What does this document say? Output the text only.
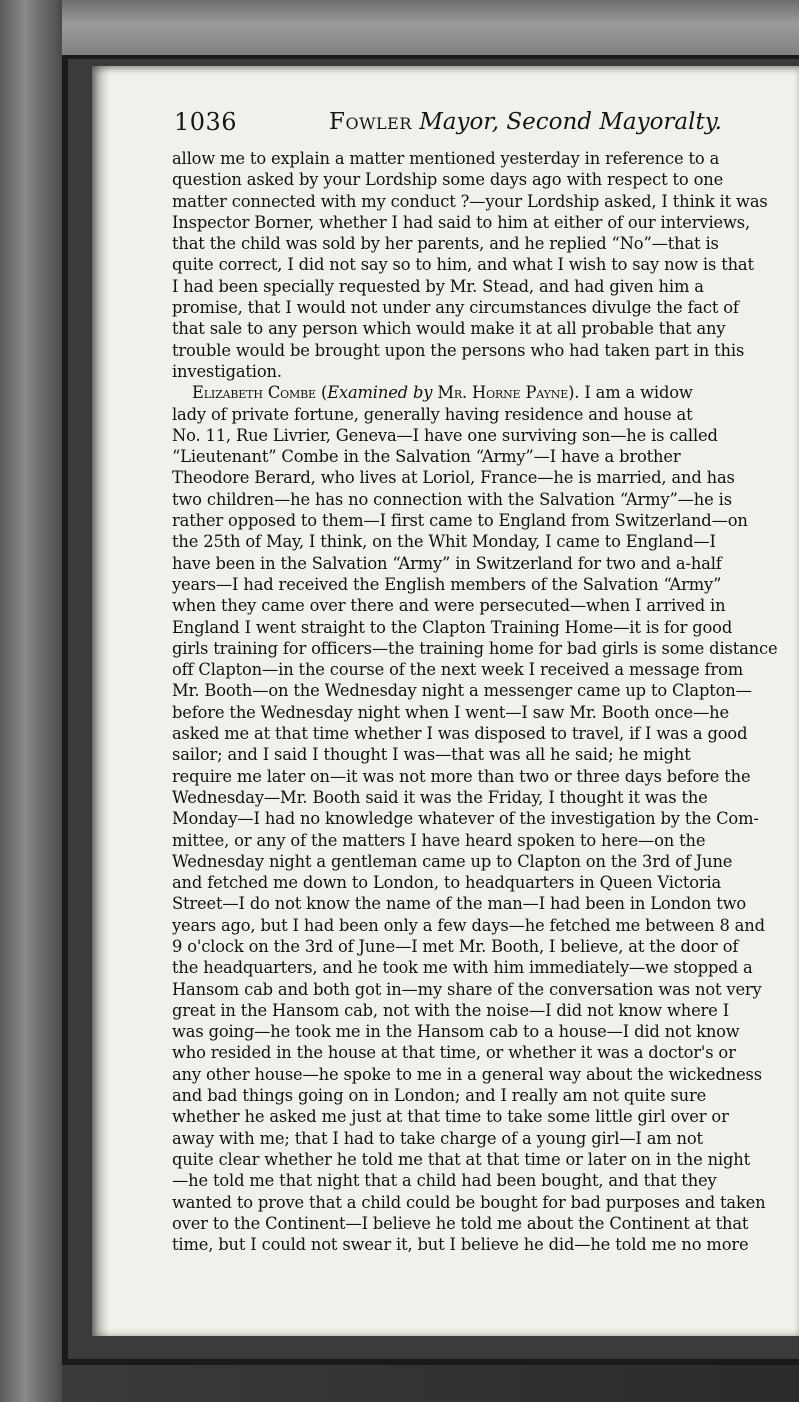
1036	Fowler Mayor, Second Mayoralty.
allow me to explain a matter mentioned yesterday in reference to a
question asked by your Lordship some days ago with respect to one
matter connected with my conduct ?—your Lordship asked, I think it was
Inspector Borner, whether I had said to him at either of our interviews,
that the child was sold by her parents, and he replied “No”—that is
quite correct, I did not say so to him, and what I wish to say now is that
I had been specially requested by Mr. Stead, and had given him a
promise, that I would not under any circumstances divulge the fact of
that sale to any person which would make it at all probable that any
trouble would be brought upon the persons who had taken part in this
investigation.
Elizabeth Combe (Examined by Mr. Horne Payne). I am a widow
lady of private fortune, generally having residence and house at
No. 11, Rue Livrier, Geneva—I have one surviving son—he is called
“Lieutenant” Combe in the Salvation “Army”—I have a brother
Theodore Berard, who lives at Loriol, France—he is married, and has
two children—he has no connection with the Salvation “Army”—he is
rather opposed to them—I first came to England from Switzerland—on
the 25th of May, I think, on the Whit Monday, I came to England—I
have been in the Salvation “Army” in Switzerland for two and a-half
years—I had received the English members of the Salvation “Army”
when they came over there and were persecuted—when I arrived in
England I went straight to the Clapton Training Home—it is for good
girls training for officers—the training home for bad girls is some distance
off Clapton—in the course of the next week I received a message from
Mr. Booth—on the Wednesday night a messenger came up to Clapton—
before the Wednesday night when I went—I saw Mr. Booth once—he
asked me at that time whether I was disposed to travel, if I was a good
sailor; and I said I thought I was—that was all he said; he might
require me later on—it was not more than two or three days before the
Wednesday—Mr. Booth said it was the Friday, I thought it was the
Monday—I had no knowledge whatever of the investigation by the Com-
mittee, or any of the matters I have heard spoken to here—on the
Wednesday night a gentleman came up to Clapton on the 3rd of June
and fetched me down to London, to headquarters in Queen Victoria
Street—I do not know the name of the man—I had been in London two
years ago, but I had been only a few days—he fetched me between 8 and
9 o'clock on the 3rd of June—I met Mr. Booth, I believe, at the door of
the headquarters, and he took me with him immediately—we stopped a
Hansom cab and both got in—my share of the conversation was not very
great in the Hansom cab, not with the noise—I did not know where I
was going—he took me in the Hansom cab to a house—I did not know
who resided in the house at that time, or whether it was a doctor's or
any other house—he spoke to me in a general way about the wickedness
and bad things going on in London; and I really am not quite sure
whether he asked me just at that time to take some little girl over or
away with me; that I had to take charge of a young girl—I am not
quite clear whether he told me that at that time or later on in the night
—he told me that night that a child had been bought, and that they
wanted to prove that a child could be bought for bad purposes and taken
over to the Continent—I believe he told me about the Continent at that
time, but I could not swear it, but I believe he did—he told me no more
